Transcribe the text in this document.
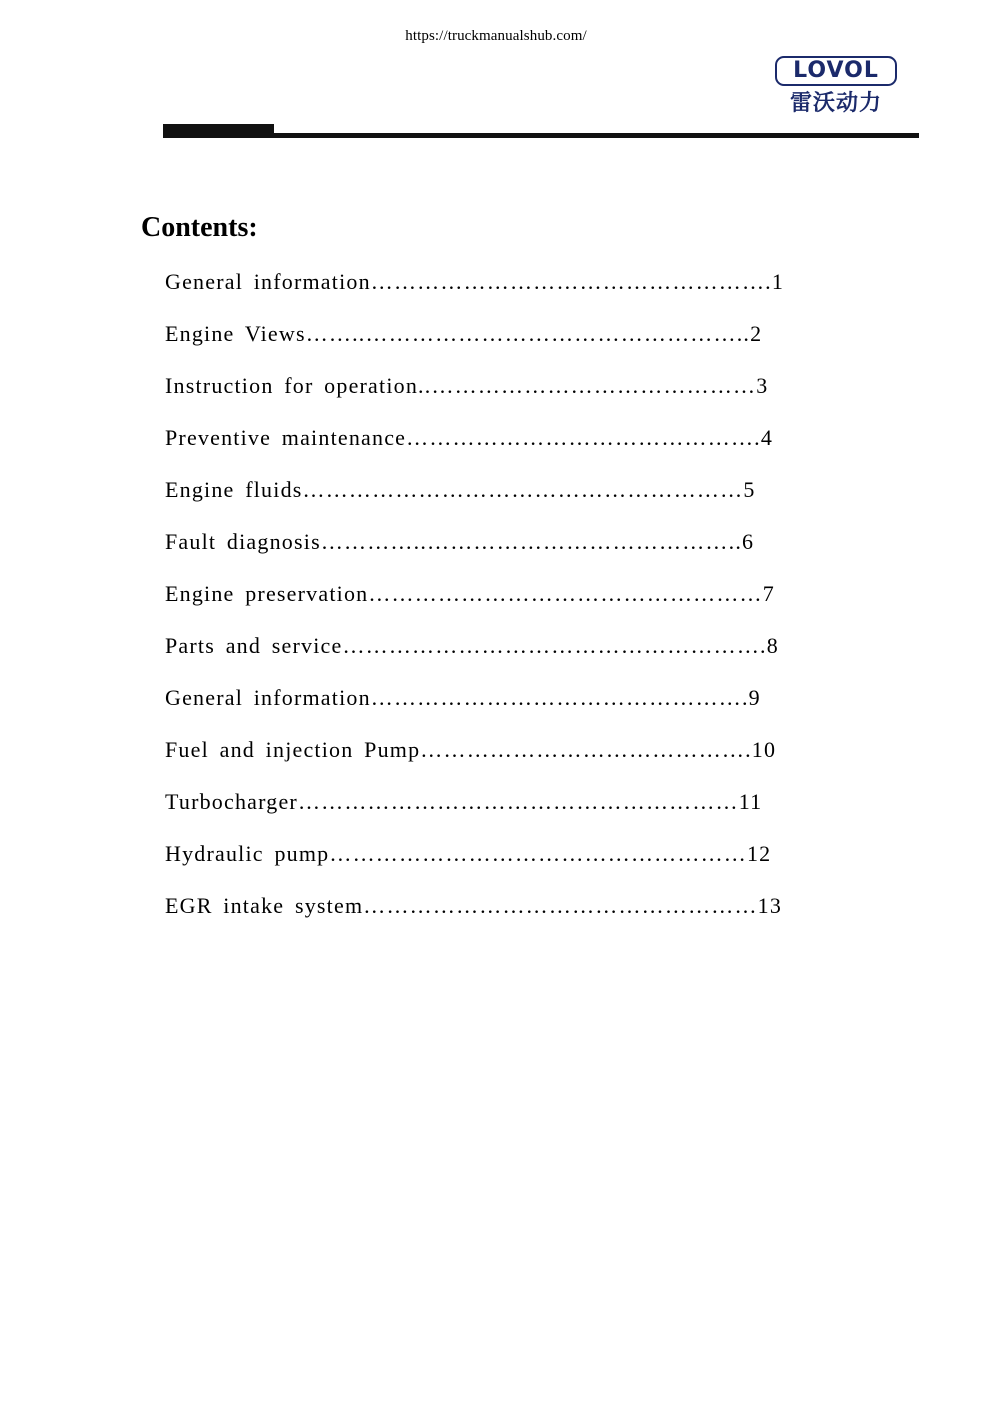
https://truckmanualshub.com/
LOVOL
雷沃动力
Contents:
General information…………………………………………….1
Engine Views……..…………………………………………..2
Instruction for operation..……………………………………3
Preventive maintenance……………………………………….4
Engine fluids…………………………………………………5
Fault diagnosis…………..…………………………………..6
Engine preservation……………………………………………7
Parts and service……………………………………………….8
General information………………………………………….9
Fuel and injection Pump…………………………………….10
Turbocharger…………………………………………………11
Hydraulic pump………………………………………………12
EGR intake system……………………………………………13
